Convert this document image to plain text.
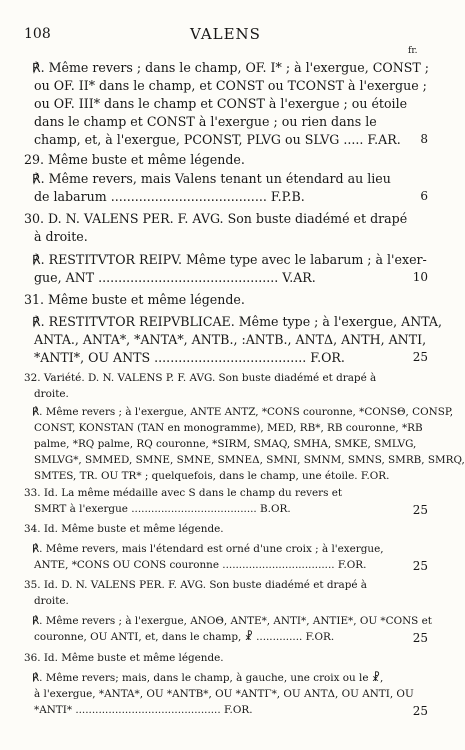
108	VALENS
fr.
℟. Même revers ; dans le champ, OF. I* ; à l'exergue, CONST ;
ou OF. II* dans le champ, et CONST ou TCONST à l'exergue ;
ou OF. III* dans le champ et CONST à l'exergue ; ou étoile
dans le champ et CONST à l'exergue ; ou rien dans le
champ, et, à l'exergue, PCONST, PLVG ou SLVG ..... F.AR.	8
29. Même buste et même légende.
℟. Même revers, mais Valens tenant un étendard au lieu
de labarum ....................................... F.P.B.	6
30. D. N. VALENS PER. F. AVG. Son buste diadémé et drapé
à droite.
℟. RESTITVTOR REIPV. Même type avec le labarum ; à l'exer-
gue, ANT ............................................. V.AR.	10
31. Même buste et même légende.
℟. RESTITVTOR REIPVBLICAE. Même type ; à l'exergue, ANTA,
ANTA., ANTA*, *ANTA*, ANTB., :ANTB., ANTΔ, ANTH, ANTI,
*ANTI*, OU ANTS ...................................... F.OR.	25
32. Variété. D. N. VALENS P. F. AVG. Son buste diadémé et drapé à
droite.
℟. Même revers ; à l'exergue, ANTE ANTZ, *CONS couronne, *CONSΘ, CONSP,
CONST, KONSTAN (TAN en monogramme), MED, RB*, RB couronne, *RB
palme, *RQ palme, RQ couronne, *SIRM, SMAQ, SMHA, SMKE, SMLVG,
SMLVG*, SMMED, SMNE, SMNE, SMNEΔ, SMNI, SMNM, SMNS, SMRB, SMRQ,
SMTES, TR. OU TR* ; quelquefois, dans le champ, une étoile. F.OR.
33. Id. La même médaille avec S dans le champ du revers et
SMRT à l'exergue ...................................... B.OR.	25
34. Id. Même buste et même légende.
℟. Même revers, mais l'étendard est orné d'une croix ; à l'exergue,
ANTE, *CONS OU CONS couronne .................................. F.OR.	25
35. Id. D. N. VALENS PER. F. AVG. Son buste diadémé et drapé à
droite.
℟. Même revers ; à l'exergue, ANOΘ, ANTE*, ANTI*, ANTIE*, OU *CONS et
couronne, OU ANTI, et, dans le champ, ☧ .............. F.OR.	25
36. Id. Même buste et même légende.
℟. Même revers; mais, dans le champ, à gauche, une croix ou le ☧,
à l'exergue, *ANTA*, OU *ANTB*, OU *ANTΓ*, OU ANTΔ, OU ANTI, OU
*ANTI* ............................................ F.OR.	25
